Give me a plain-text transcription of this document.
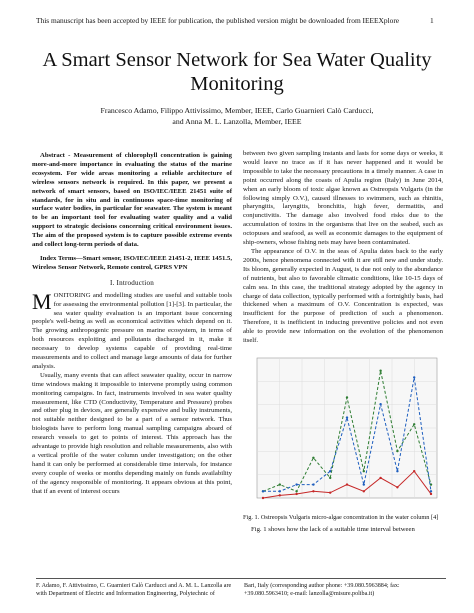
This manuscript has been accepted by IEEE for publication, the published version might be downloaded from IEEEXplore	1
A Smart Sensor Network for Sea Water Quality Monitoring
Francesco Adamo, Filippo Attivissimo, Member, IEEE, Carlo Guarnieri Calò Carducci,
and Anna M. L. Lanzolla, Member, IEEE

Abstract - Measurement of chlorophyll concentration is gaining more-and-more importance in evaluating the status of the marine ecosystem. For wide areas monitoring a reliable architecture of wireless sensors network is required. In this paper, we present a network of smart sensors, based on ISO/IEC/IEEE 21451 suite of standards, for in situ and in continuous space-time monitoring of surface water bodies, in particular for seawater. The system is meant to be an important tool for evaluating water quality and a valid support to strategic decisions concerning critical environment issues. The aim of the proposed system is to capture possible extreme events and collect long-term periods of data.

Index Terms—Smart sensor, ISO/IEC/IEEE 21451-2, IEEE 1451.5, Wireless Sensor Network, Remote control, GPRS VPN

I. Introduction

M ONITORING and modelling studies are useful and suitable tools for assessing the environmental pollution [1]-[3]. In particular, the sea water quality evaluation is an important issue concerning people's well-being as well as economical activities which depend on it. The growing anthropogenic pressure on marine ecosystem, in terms of both resources exploiting and pollutants discharged in it, make it necessary to develop systems capable of providing real-time measurements and to collect and manage large amounts of data for further analysis.

Usually, many events that can affect seawater quality, occur in narrow time windows making it impossible to intervene promptly using common monitoring campaigns. In fact, instruments involved in sea water quality measurement, like CTD (Conductivity, Temperature and Pressure) probes and other plug in devices, are generally expensive and bulky instruments, not suitable neither designed to be a part of a sensor network. Thus biologists have to perform long manual sampling campaigns aboard of research vessels to get to points of interest. This approach has the advantage to provide high resolution and reliable measurements, also with a vertical profile of the water column under investigation; on the other hand it can only be performed at considerable time intervals, for instance every couple of weeks or months depending mainly on funds availability of the agency responsible of monitoring. It appears obvious at this point, that if an event of interest occurs

between two given sampling instants and lasts for some days or weeks, it would leave no trace as if it has never happened and it would be impossible to take the necessary precautions in a timely manner. A case in point occurred along the coasts of Apulia region (Italy) in June 2014, when an early bloom of toxic algae known as Ostreopsis Vulgaris (in the following simply O.V.), caused illnesses to swimmers, such as rhinitis, pharyngitis, laryngitis, bronchitis, high fever, dermatitis, and conjunctivitis. The damage also involved food risks due to the accumulation of toxins in the organisms that live on the seabed, such as octopuses and seafood, as well as economic damages to the equipment of ship-owners, whose fishing nets may have been contaminated.

The appearance of O.V. in the seas of Apulia dates back to the early 2000s, hence phenomena connected with it are still new and under study. Its bloom, generally expected in August, is due not only to the abundance of nutrients, but also to favorable climatic conditions, like 10-15 days of calm sea. In this case, the traditional strategy adopted by the agency in charge of data collection, typically performed with a fortnightly basis, had thickened when a maximum of O.V. Concentration is expected, was insufficient for the purpose of prediction of such a phenomenon. Therefore, it is inefficient in inducing preventive policies and not even able to provide new information on the evolution of the phenomenon itself.

Fig. 1. Ostreopsis Vulgaris micro-algae concentration in the water column [4]

Fig. 1 shows how the lack of a suitable time interval between

F. Adamo, F. Attivissimo, C. Guarnieri Calò Carducci and A. M. L. Lanzolla are with Department of Electric and Information Engineering, Polytechnic of
Bari, Italy (corresponding author phone: +39.080.5963884; fax: +39.080.5963410; e-mail: lanzolla@misure.poliba.it)
